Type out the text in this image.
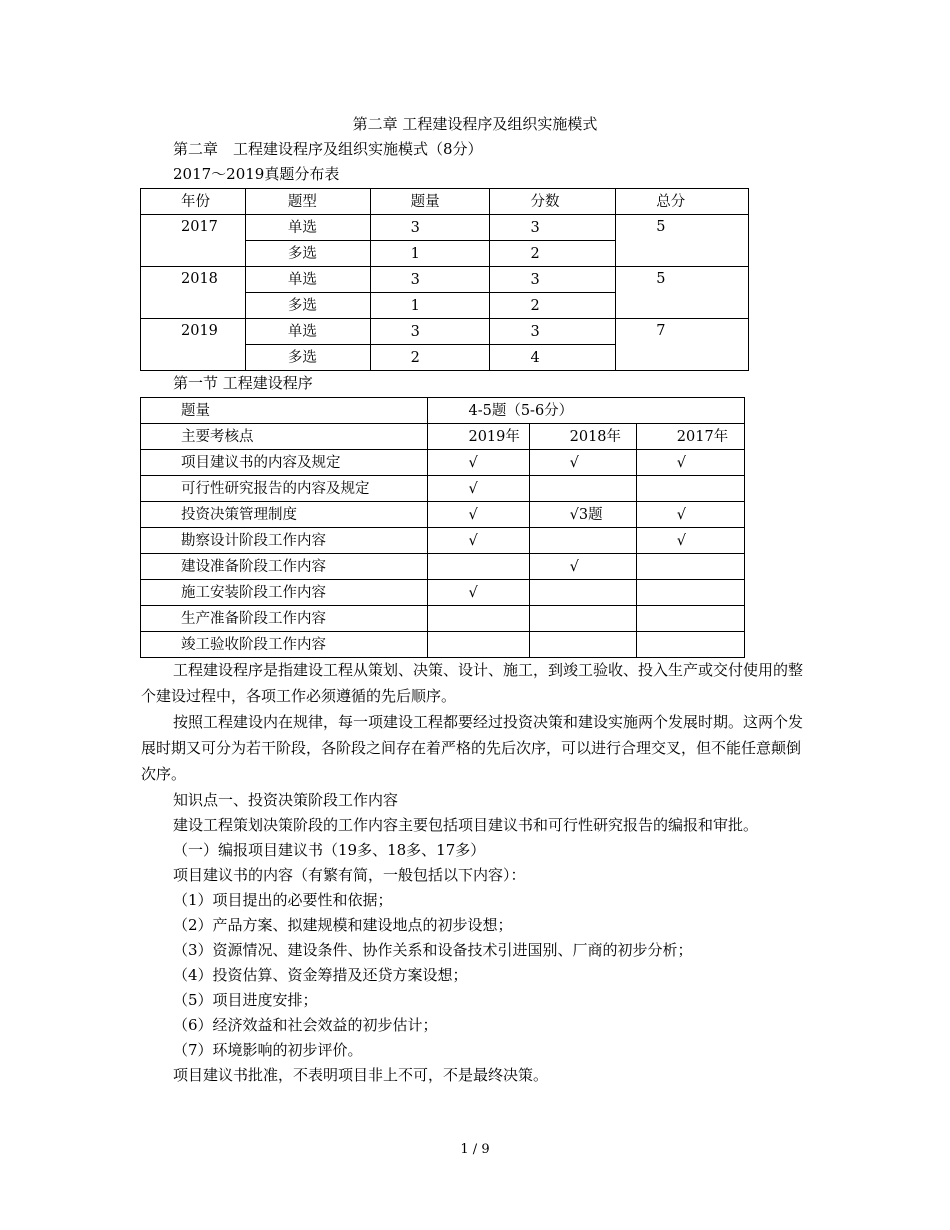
第二章 工程建设程序及组织实施模式
第二章　工程建设程序及组织实施模式（8分）
2017～2019真题分布表
年份	题型	题量	分数	总分
2017	单选	3	3	5
	多选	1	2	
2018	单选	3	3	5
	多选	1	2	
2019	单选	3	3	7
	多选	2	4	
第一节 工程建设程序
题量	4-5题（5-6分）		
主要考核点	2019年	2018年	2017年
项目建议书的内容及规定	√	√	√
可行性研究报告的内容及规定	√		
投资决策管理制度	√	√3题	√
勘察设计阶段工作内容	√		√
建设准备阶段工作内容		√	
施工安装阶段工作内容	√		
生产准备阶段工作内容			
竣工验收阶段工作内容			
工程建设程序是指建设工程从策划、决策、设计、施工，到竣工验收、投入生产或交付使用的整个建设过程中，各项工作必须遵循的先后顺序。
按照工程建设内在规律，每一项建设工程都要经过投资决策和建设实施两个发展时期。这两个发展时期又可分为若干阶段，各阶段之间存在着严格的先后次序，可以进行合理交叉，但不能任意颠倒次序。
知识点一、投资决策阶段工作内容
建设工程策划决策阶段的工作内容主要包括项目建议书和可行性研究报告的编报和审批。
（一）编报项目建议书（19多、18多、17多）
项目建议书的内容（有繁有简，一般包括以下内容）：
（1）项目提出的必要性和依据；
（2）产品方案、拟建规模和建设地点的初步设想；
（3）资源情况、建设条件、协作关系和设备技术引进国别、厂商的初步分析；
（4）投资估算、资金筹措及还贷方案设想；
（5）项目进度安排；
（6）经济效益和社会效益的初步估计；
（7）环境影响的初步评价。
项目建议书批准，不表明项目非上不可，不是最终决策。
1 / 9
